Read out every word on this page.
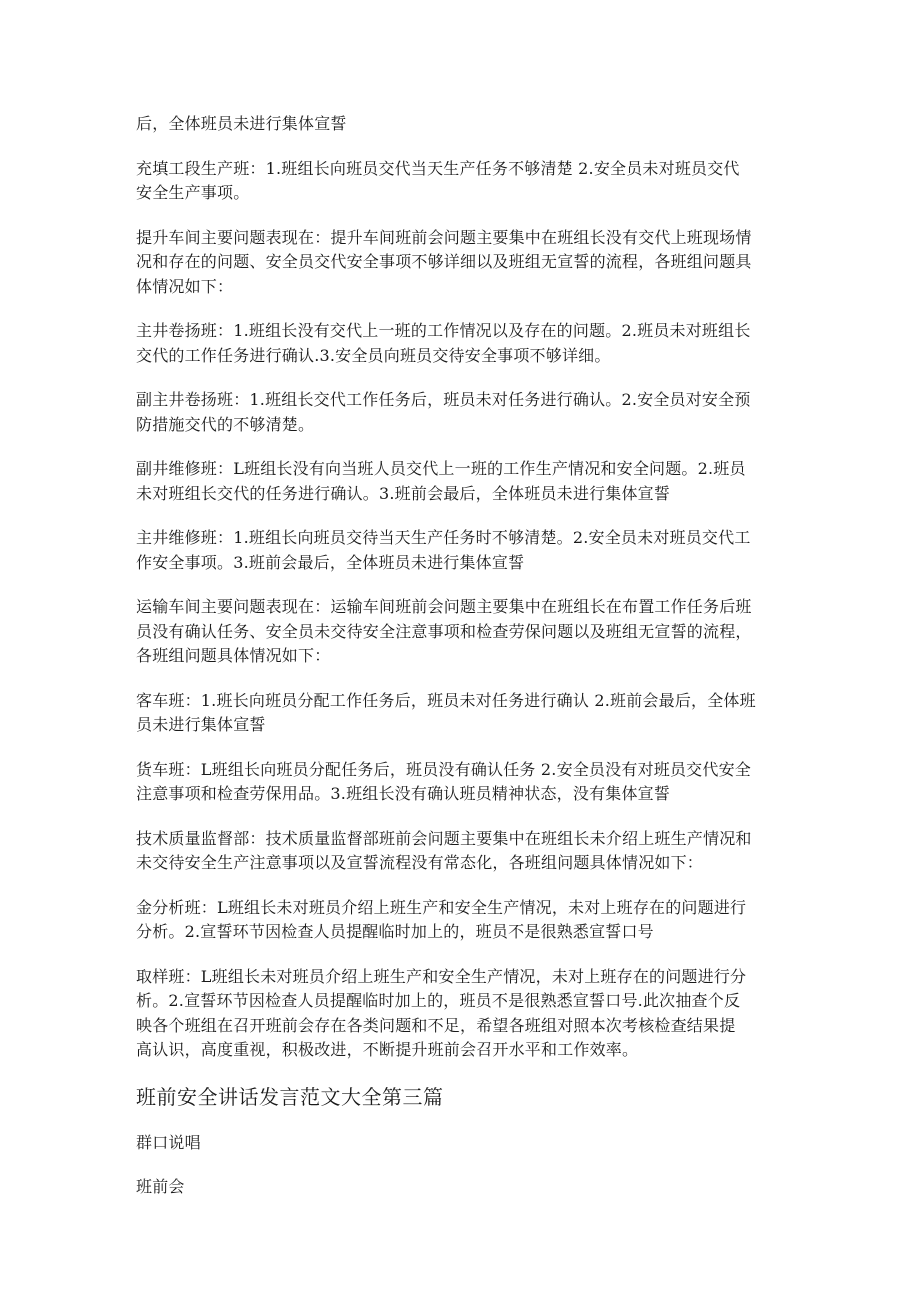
后，全体班员未进行集体宣誓

充填工段生产班：1.班组长向班员交代当天生产任务不够清楚 2.安全员未对班员交代
安全生产事项。

提升车间主要问题表现在：提升车间班前会问题主要集中在班组长没有交代上班现场情
况和存在的问题、安全员交代安全事项不够详细以及班组无宣誓的流程，各班组问题具
体情况如下：

主井卷扬班：1.班组长没有交代上一班的工作情况以及存在的问题。2.班员未对班组长
交代的工作任务进行确认.3.安全员向班员交待安全事项不够详细。

副主井卷扬班：1.班组长交代工作任务后，班员未对任务进行确认。2.安全员对安全预
防措施交代的不够清楚。

副井维修班：L班组长没有向当班人员交代上一班的工作生产情况和安全问题。2.班员
未对班组长交代的任务进行确认。3.班前会最后，全体班员未进行集体宣誓

主井维修班：1.班组长向班员交待当天生产任务时不够清楚。2.安全员未对班员交代工
作安全事项。3.班前会最后，全体班员未进行集体宣誓

运输车间主要问题表现在：运输车间班前会问题主要集中在班组长在布置工作任务后班
员没有确认任务、安全员未交待安全注意事项和检查劳保问题以及班组无宣誓的流程，
各班组问题具体情况如下：

客车班：1.班长向班员分配工作任务后，班员未对任务进行确认 2.班前会最后，全体班
员未进行集体宣誓

货车班：L班组长向班员分配任务后，班员没有确认任务 2.安全员没有对班员交代安全
注意事项和检查劳保用品。3.班组长没有确认班员精神状态，没有集体宣誓

技术质量监督部：技术质量监督部班前会问题主要集中在班组长未介绍上班生产情况和
未交待安全生产注意事项以及宣誓流程没有常态化，各班组问题具体情况如下：

金分析班：L班组长未对班员介绍上班生产和安全生产情况，未对上班存在的问题进行
分析。2.宣誓环节因检查人员提醒临时加上的，班员不是很熟悉宣誓口号

取样班：L班组长未对班员介绍上班生产和安全生产情况，未对上班存在的问题进行分
析。2.宣誓环节因检查人员提醒临时加上的，班员不是很熟悉宣誓口号.此次抽查个反
映各个班组在召开班前会存在各类问题和不足，希望各班组对照本次考核检查结果提
高认识，高度重视，积极改进，不断提升班前会召开水平和工作效率。

班前安全讲话发言范文大全第三篇

群口说唱

班前会
